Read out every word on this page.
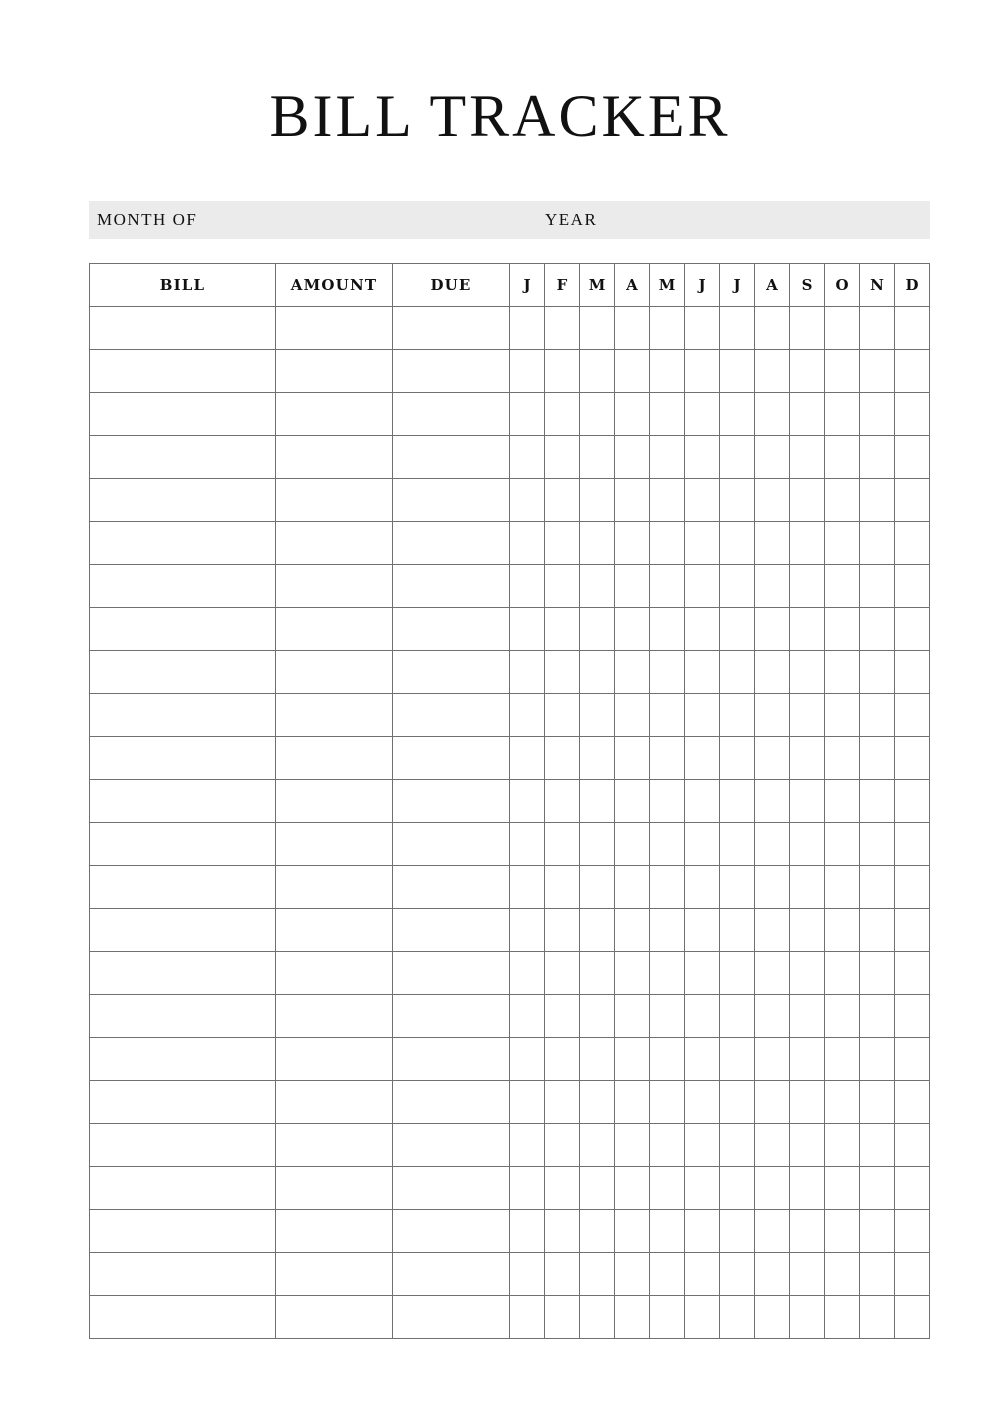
BILL TRACKER
MONTH OF	YEAR
BILL	AMOUNT	DUE	J	F	M	A	M	J	J	A	S	O	N	D
